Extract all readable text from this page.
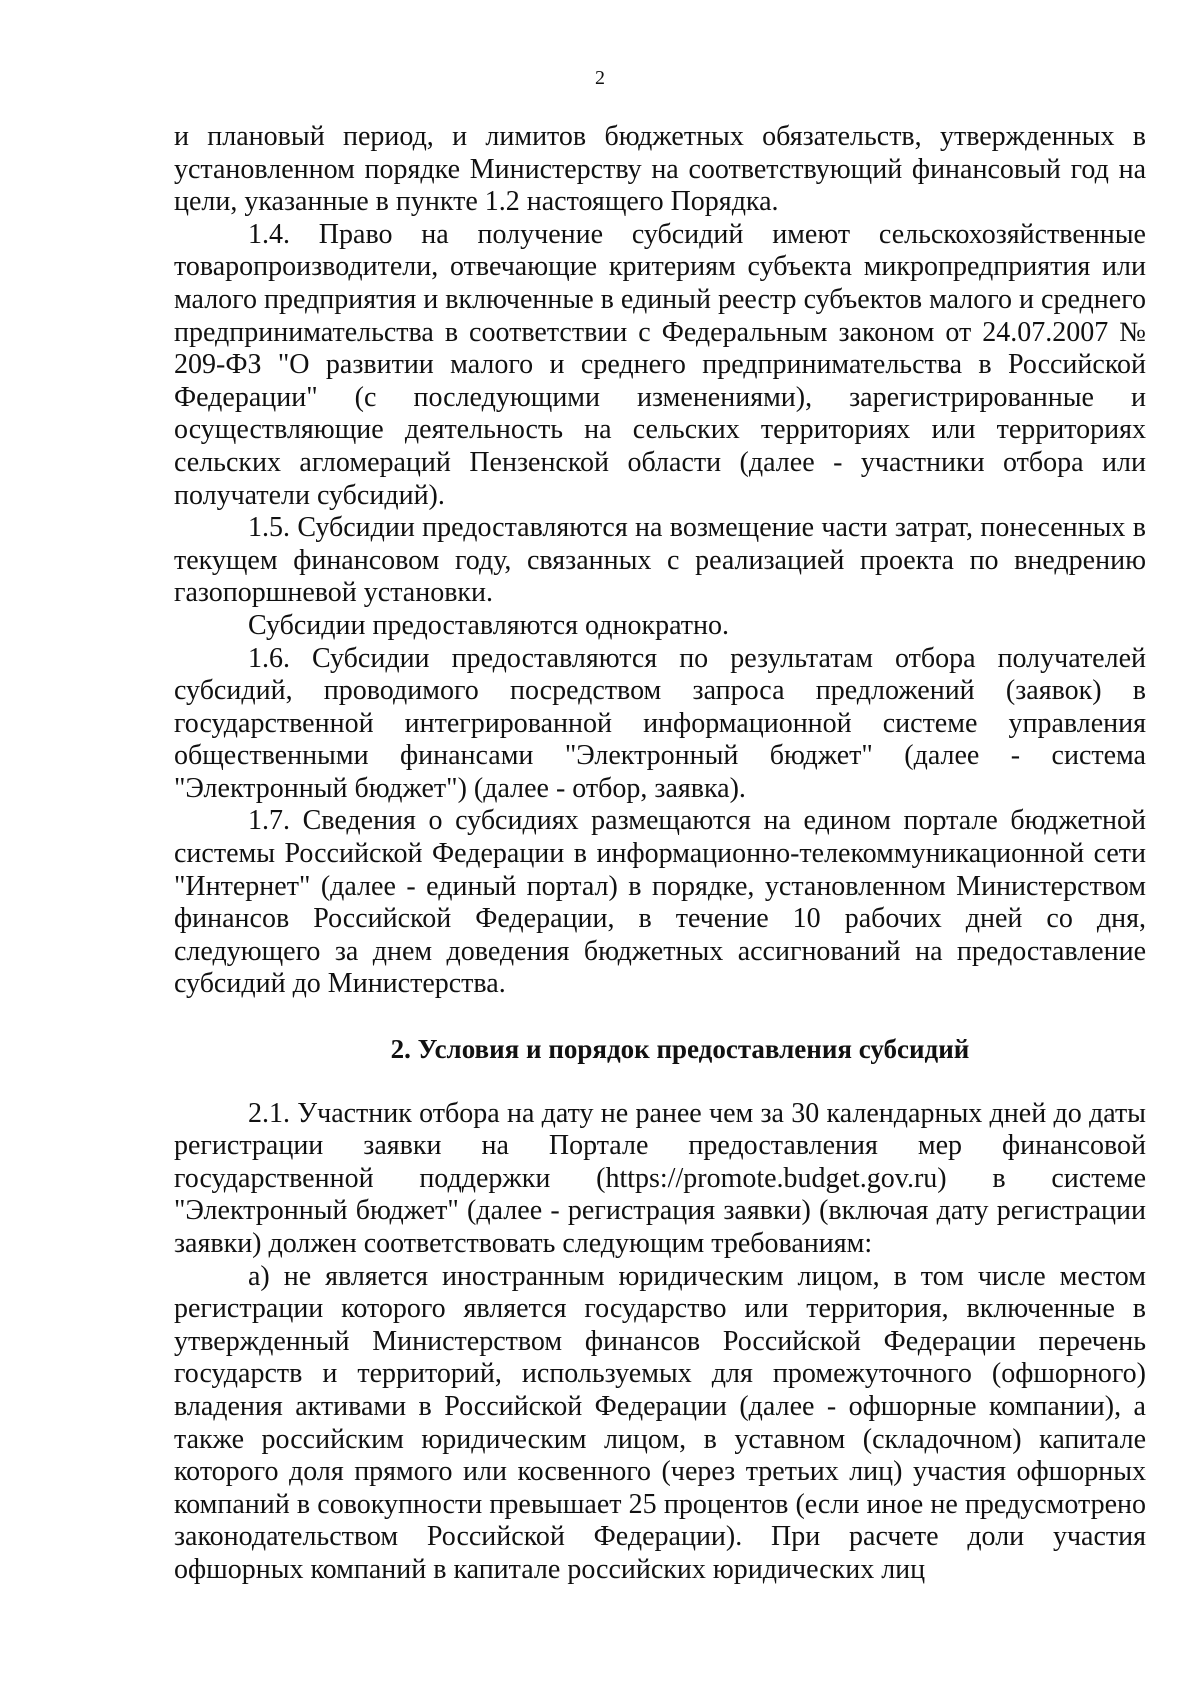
2

и плановый период, и лимитов бюджетных обязательств, утвержденных в установленном порядке Министерству на соответствующий финансовый год на цели, указанные в пункте 1.2 настоящего Порядка.

1.4. Право на получение субсидий имеют сельскохозяйственные товаропроизводители, отвечающие критериям субъекта микропредприятия или малого предприятия и включенные в единый реестр субъектов малого и среднего предпринимательства в соответствии с Федеральным законом от 24.07.2007 № 209-ФЗ "О развитии малого и среднего предпринимательства в Российской Федерации" (с последующими изменениями), зарегистрированные и осуществляющие деятельность на сельских территориях или территориях сельских агломераций Пензенской области (далее - участники отбора или получатели субсидий).

1.5. Субсидии предоставляются на возмещение части затрат, понесенных в текущем финансовом году, связанных с реализацией проекта по внедрению газопоршневой установки.

Субсидии предоставляются однократно.

1.6. Субсидии предоставляются по результатам отбора получателей субсидий, проводимого посредством запроса предложений (заявок) в государственной интегрированной информационной системе управления общественными финансами "Электронный бюджет" (далее - система "Электронный бюджет") (далее - отбор, заявка).

1.7. Сведения о субсидиях размещаются на едином портале бюджетной системы Российской Федерации в информационно-телекоммуникационной сети "Интернет" (далее - единый портал) в порядке, установленном Министерством финансов Российской Федерации, в течение 10 рабочих дней со дня, следующего за днем доведения бюджетных ассигнований на предоставление субсидий до Министерства.

2. Условия и порядок предоставления субсидий

2.1. Участник отбора на дату не ранее чем за 30 календарных дней до даты регистрации заявки на Портале предоставления мер финансовой государственной поддержки (https://promote.budget.gov.ru) в системе "Электронный бюджет" (далее - регистрация заявки) (включая дату регистрации заявки) должен соответствовать следующим требованиям:

а) не является иностранным юридическим лицом, в том числе местом регистрации которого является государство или территория, включенные в утвержденный Министерством финансов Российской Федерации перечень государств и территорий, используемых для промежуточного (офшорного) владения активами в Российской Федерации (далее - офшорные компании), а также российским юридическим лицом, в уставном (складочном) капитале которого доля прямого или косвенного (через третьих лиц) участия офшорных компаний в совокупности превышает 25 процентов (если иное не предусмотрено законодательством Российской Федерации). При расчете доли участия офшорных компаний в капитале российских юридических лиц
